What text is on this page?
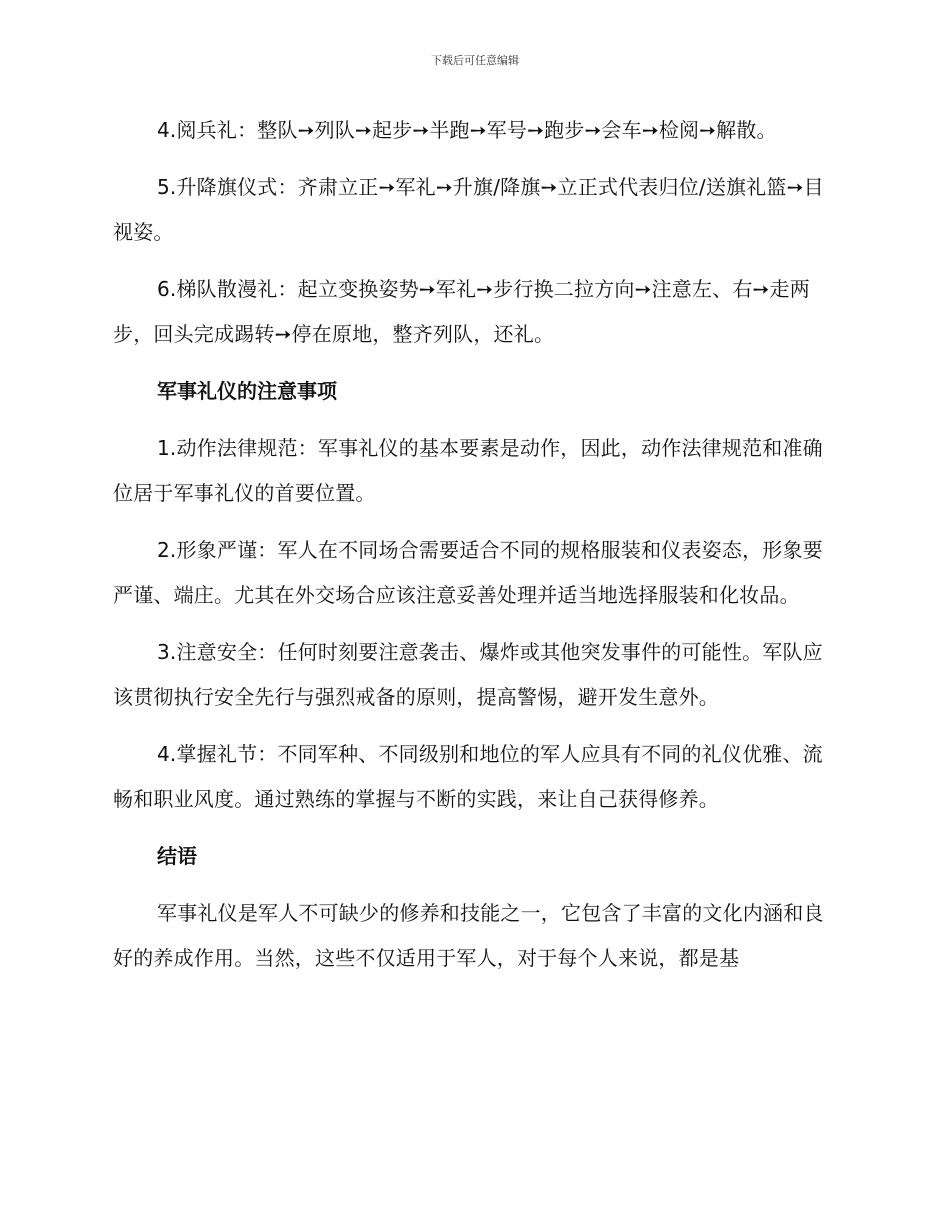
下载后可任意编辑

4.阅兵礼：整队➙列队➙起步➙半跑➙军号➙跑步➙会车➙检阅➙解散。

5.升降旗仪式：齐肃立正➙军礼➙升旗/降旗➙立正式代表归位/送旗礼篮➙目视姿。

6.梯队散漫礼：起立变换姿势➙军礼➙步行换二拉方向➙注意左、右➙走两步，回头完成踢转➙停在原地，整齐列队，还礼。

军事礼仪的注意事项

1.动作法律规范：军事礼仪的基本要素是动作，因此，动作法律规范和准确位居于军事礼仪的首要位置。

2.形象严谨：军人在不同场合需要适合不同的规格服装和仪表姿态，形象要严谨、端庄。尤其在外交场合应该注意妥善处理并适当地选择服装和化妆品。

3.注意安全：任何时刻要注意袭击、爆炸或其他突发事件的可能性。军队应该贯彻执行安全先行与强烈戒备的原则，提高警惕，避开发生意外。

4.掌握礼节：不同军种、不同级别和地位的军人应具有不同的礼仪优雅、流畅和职业风度。通过熟练的掌握与不断的实践，来让自己获得修养。

结语

军事礼仪是军人不可缺少的修养和技能之一，它包含了丰富的文化内涵和良好的养成作用。当然，这些不仅适用于军人，对于每个人来说，都是基
